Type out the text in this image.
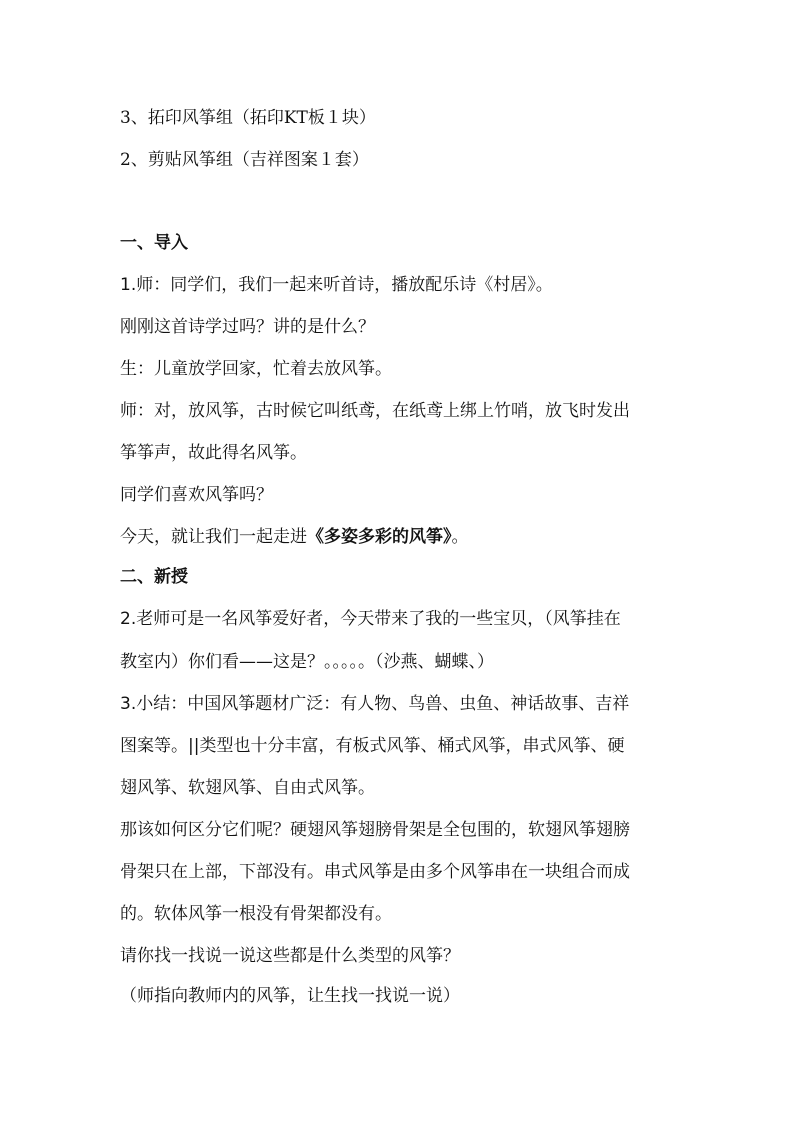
3、拓印风筝组（拓印KT板１块）
2、剪贴风筝组（吉祥图案１套）
一、导入
1.师：同学们，我们一起来听首诗，播放配乐诗《村居》。
刚刚这首诗学过吗？讲的是什么？
生：儿童放学回家，忙着去放风筝。
师：对，放风筝，古时候它叫纸鸢，在纸鸢上绑上竹哨，放飞时发出
筝筝声，故此得名风筝。
同学们喜欢风筝吗？
今天，就让我们一起走进《多姿多彩的风筝》。
二、新授
2.老师可是一名风筝爱好者，今天带来了我的一些宝贝，（风筝挂在
教室内）你们看——这是？。。。。。（沙燕、蝴蝶、）
3.小结：中国风筝题材广泛：有人物、鸟兽、虫鱼、神话故事、吉祥
图案等。||类型也十分丰富，有板式风筝、桶式风筝，串式风筝、硬
翅风筝、软翅风筝、自由式风筝。
那该如何区分它们呢？硬翅风筝翅膀骨架是全包围的，软翅风筝翅膀
骨架只在上部，下部没有。串式风筝是由多个风筝串在一块组合而成
的。软体风筝一根没有骨架都没有。
请你找一找说一说这些都是什么类型的风筝？
（师指向教师内的风筝，让生找一找说一说）
